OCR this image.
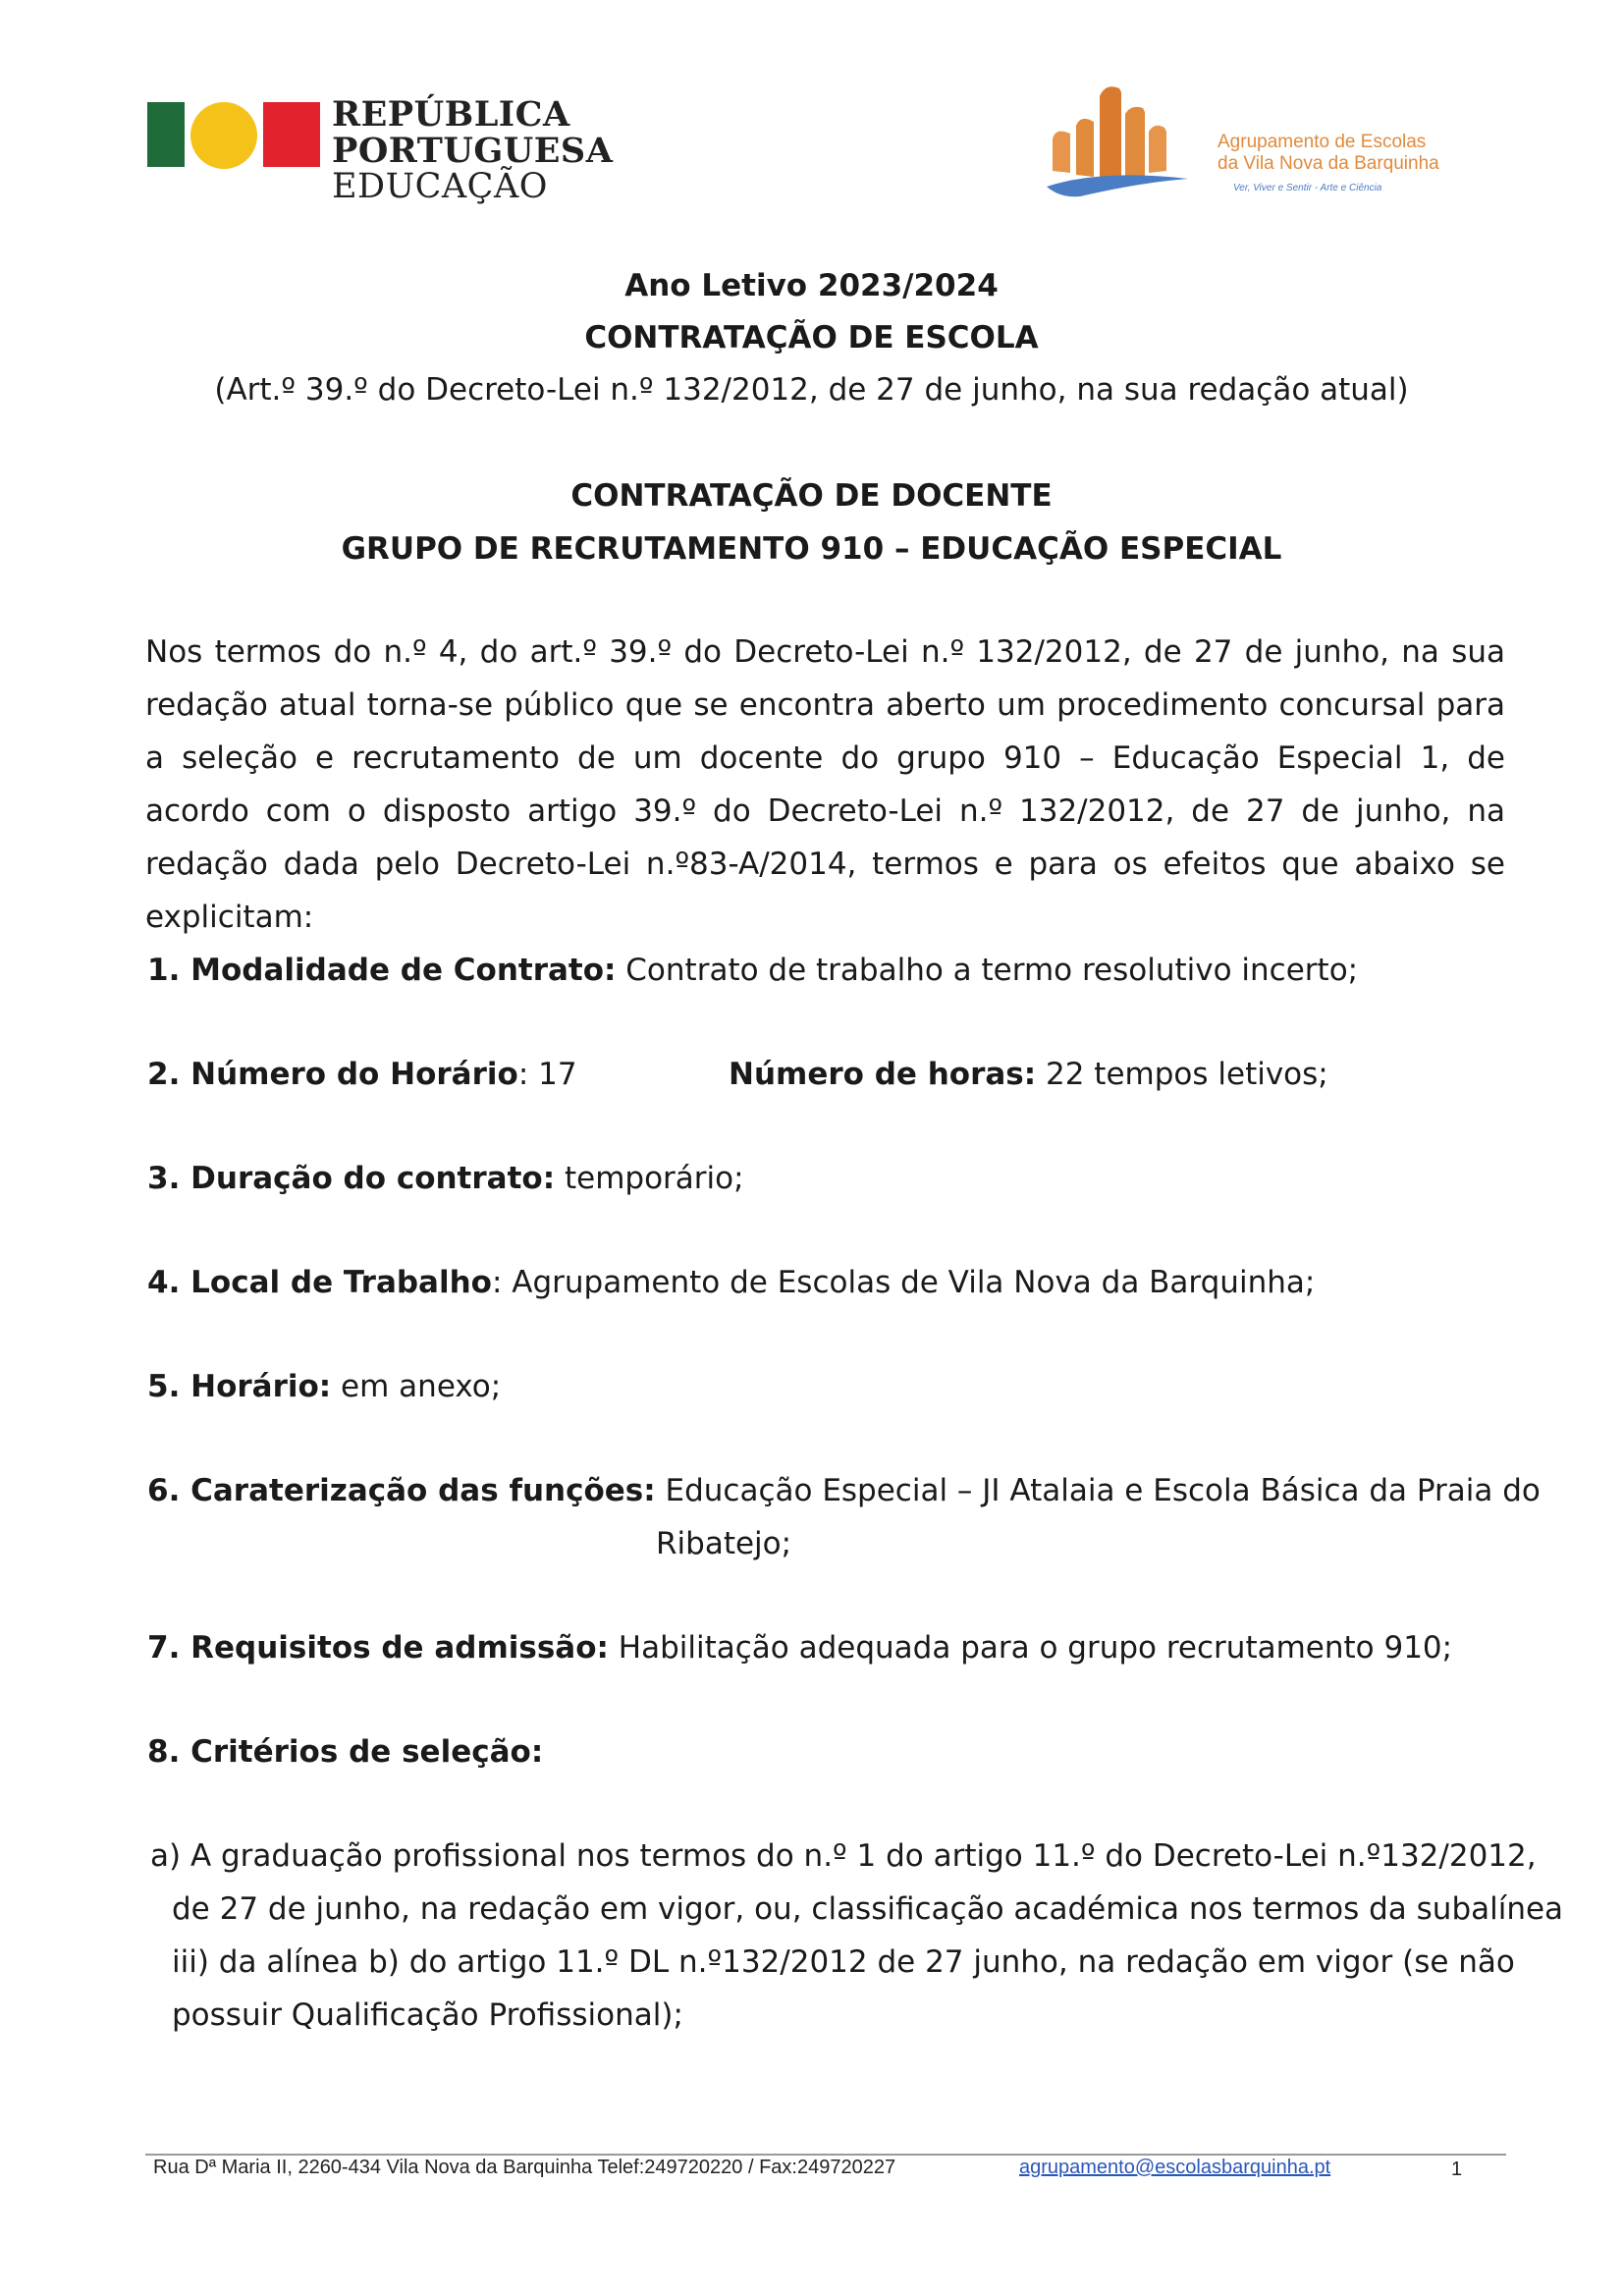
REPÚBLICA
PORTUGUESA
EDUCAÇÃO
Agrupamento de Escolas
da Vila Nova da Barquinha
Ver, Viver e Sentir - Arte e Ciência
Ano Letivo 2023/2024
CONTRATAÇÃO DE ESCOLA
(Art.º 39.º do Decreto-Lei n.º 132/2012, de 27 de junho, na sua redação atual)
CONTRATAÇÃO DE DOCENTE
GRUPO DE RECRUTAMENTO 910 – EDUCAÇÃO ESPECIAL
Nos termos do n.º 4, do art.º 39.º do Decreto-Lei n.º 132/2012, de 27 de junho, na sua redação atual torna-se público que se encontra aberto um procedimento concursal para a seleção e recrutamento de um docente do grupo 910 – Educação Especial 1, de acordo com o disposto artigo 39.º do Decreto-Lei n.º 132/2012, de 27 de junho, na redação dada pelo Decreto-Lei n.º83-A/2014, termos e para os efeitos que abaixo se explicitam:
1. Modalidade de Contrato: Contrato de trabalho a termo resolutivo incerto;
2. Número do Horário: 17	Número de horas: 22 tempos letivos;
3. Duração do contrato: temporário;
4. Local de Trabalho: Agrupamento de Escolas de Vila Nova da Barquinha;
5. Horário: em anexo;
6. Caraterização das funções: Educação Especial – JI Atalaia e Escola Básica da Praia do
Ribatejo;
7. Requisitos de admissão: Habilitação adequada para o grupo recrutamento 910;
8. Critérios de seleção:
a) A graduação profissional nos termos do n.º 1 do artigo 11.º do Decreto-Lei n.º132/2012,
de 27 de junho, na redação em vigor, ou, classificação académica nos termos da subalínea
iii) da alínea b) do artigo 11.º DL n.º132/2012 de 27 junho, na redação em vigor (se não
possuir Qualificação Profissional);
Rua Dª Maria II, 2260-434 Vila Nova da Barquinha Telef:249720220 / Fax:249720227	agrupamento@escolasbarquinha.pt	1
